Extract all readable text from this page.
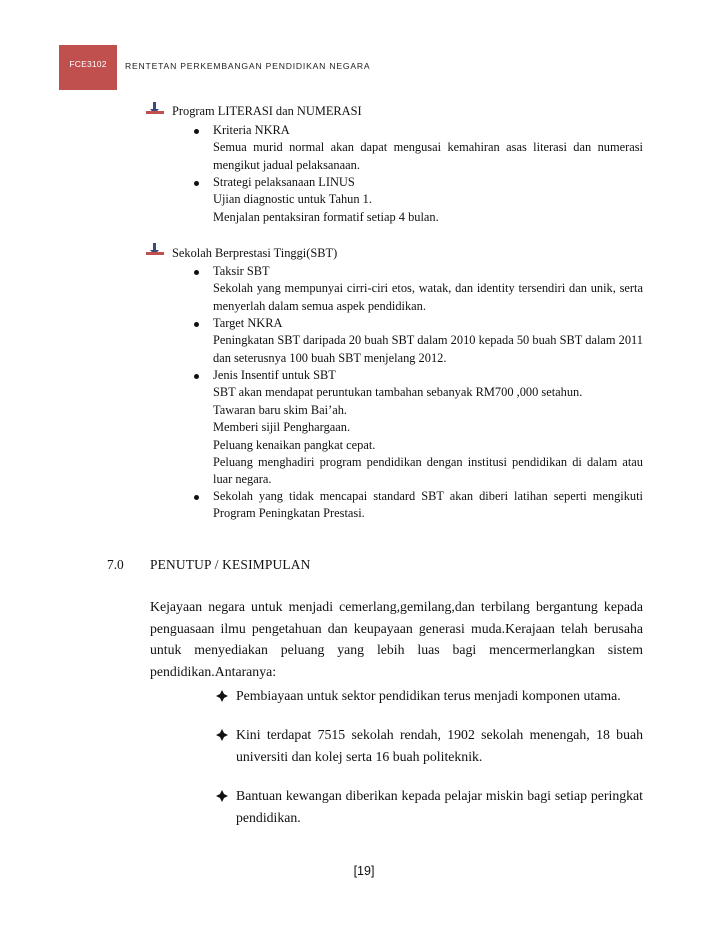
FCE3102	RENTETAN PERKEMBANGAN PENDIDIKAN NEGARA
Program LITERASI dan NUMERASI
Kriteria NKRA
Semua murid normal akan dapat mengusai kemahiran asas literasi dan numerasi mengikut jadual pelaksanaan.
Strategi pelaksanaan LINUS
Ujian diagnostic untuk Tahun 1.
Menjalan pentaksiran formatif setiap 4 bulan.
Sekolah Berprestasi Tinggi(SBT)
Taksir SBT
Sekolah yang mempunyai cirri-ciri etos, watak, dan identity tersendiri dan unik, serta menyerlah dalam semua aspek pendidikan.
Target NKRA
Peningkatan SBT daripada 20 buah SBT dalam 2010 kepada 50 buah SBT dalam 2011 dan seterusnya 100 buah SBT menjelang 2012.
Jenis Insentif untuk SBT
SBT akan mendapat peruntukan tambahan sebanyak RM700 ,000 setahun.
Tawaran baru skim Bai’ah.
Memberi sijil Penghargaan.
Peluang kenaikan pangkat cepat.
Peluang menghadiri program pendidikan dengan institusi pendidikan di dalam atau luar negara.
Sekolah yang tidak mencapai standard SBT akan diberi latihan seperti mengikuti Program Peningkatan Prestasi.
7.0 PENUTUP / KESIMPULAN
Kejayaan negara untuk menjadi cemerlang,gemilang,dan terbilang bergantung kepada penguasaan ilmu pengetahuan dan keupayaan generasi muda.Kerajaan telah berusaha untuk menyediakan peluang yang lebih luas bagi mencermerlangkan sistem pendidikan.Antaranya:
Pembiayaan untuk sektor pendidikan terus menjadi komponen utama.
Kini terdapat 7515 sekolah rendah, 1902 sekolah menengah, 18 buah universiti dan kolej serta 16 buah politeknik.
Bantuan kewangan diberikan kepada pelajar miskin bagi setiap peringkat pendidikan.
[19]
